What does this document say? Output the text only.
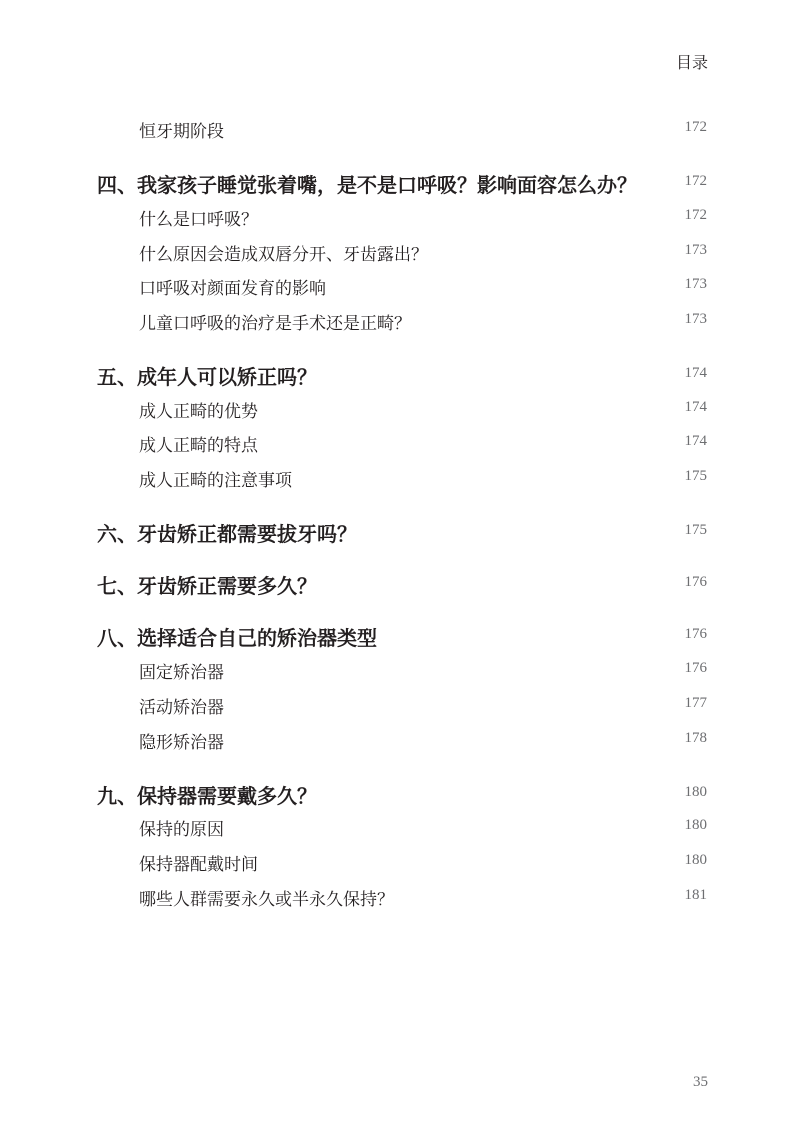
目录
恒牙期阶段	172
四、我家孩子睡觉张着嘴，是不是口呼吸？影响面容怎么办？	172
什么是口呼吸？	172
什么原因会造成双唇分开、牙齿露出？	173
口呼吸对颜面发育的影响	173
儿童口呼吸的治疗是手术还是正畸？	173
五、成年人可以矫正吗？	174
成人正畸的优势	174
成人正畸的特点	174
成人正畸的注意事项	175
六、牙齿矫正都需要拔牙吗？	175
七、牙齿矫正需要多久？	176
八、选择适合自己的矫治器类型	176
固定矫治器	176
活动矫治器	177
隐形矫治器	178
九、保持器需要戴多久？	180
保持的原因	180
保持器配戴时间	180
哪些人群需要永久或半永久保持？	181
35
